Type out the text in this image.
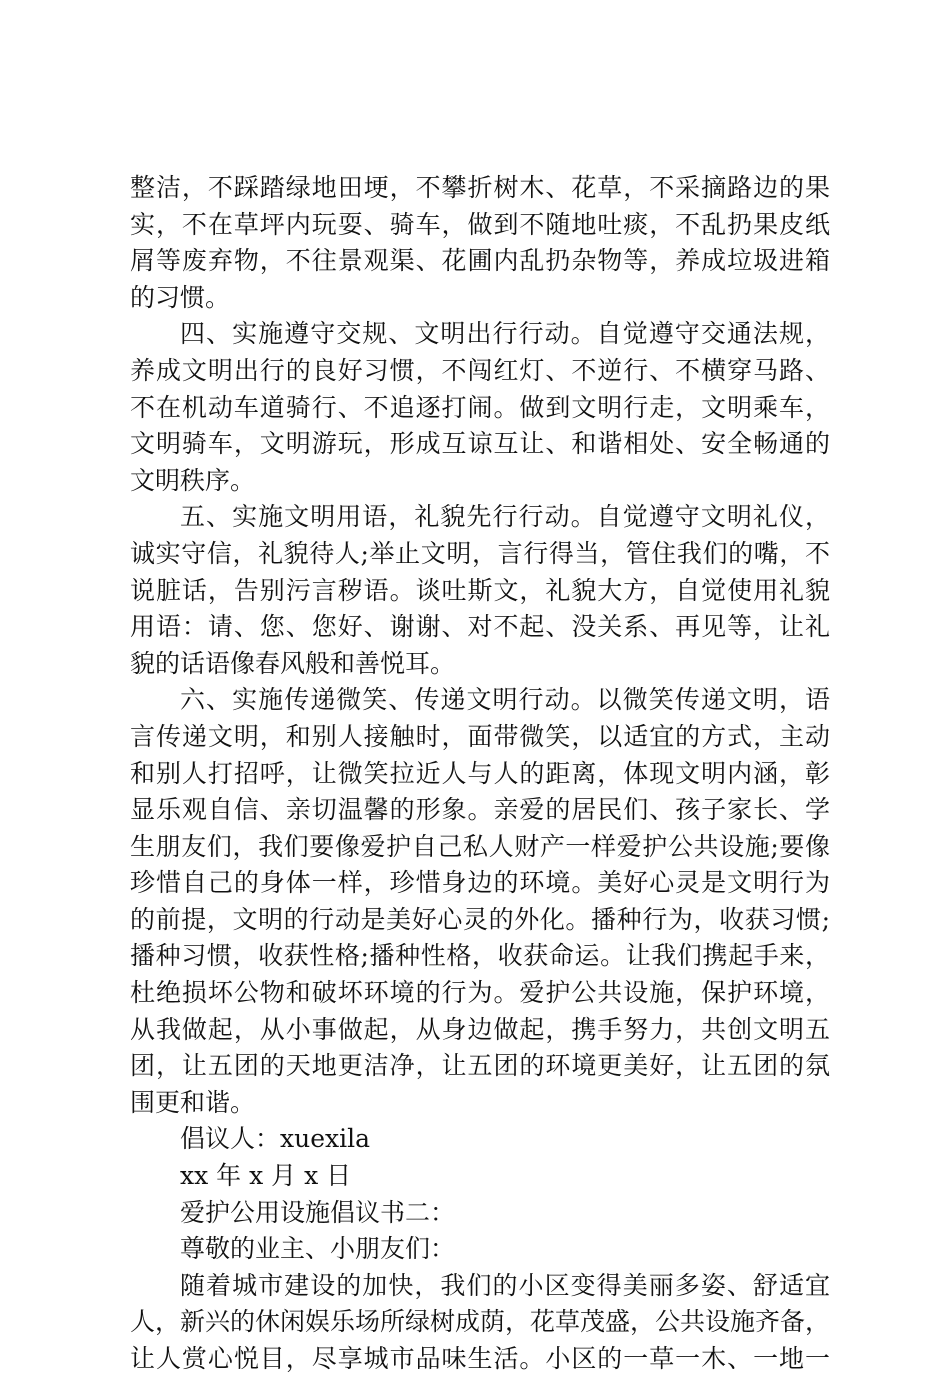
整洁，不踩踏绿地田埂，不攀折树木、花草，不采摘路边的果
实，不在草坪内玩耍、骑车，做到不随地吐痰，不乱扔果皮纸
屑等废弃物，不往景观渠、花圃内乱扔杂物等，养成垃圾进箱
的习惯。
四、实施遵守交规、文明出行行动。自觉遵守交通法规，
养成文明出行的良好习惯，不闯红灯、不逆行、不横穿马路、
不在机动车道骑行、不追逐打闹。做到文明行走，文明乘车，
文明骑车，文明游玩，形成互谅互让、和谐相处、安全畅通的
文明秩序。
五、实施文明用语，礼貌先行行动。自觉遵守文明礼仪，
诚实守信，礼貌待人;举止文明，言行得当，管住我们的嘴，不
说脏话，告别污言秽语。谈吐斯文，礼貌大方，自觉使用礼貌
用语：请、您、您好、谢谢、对不起、没关系、再见等，让礼
貌的话语像春风般和善悦耳。
六、实施传递微笑、传递文明行动。以微笑传递文明，语
言传递文明，和别人接触时，面带微笑，以适宜的方式，主动
和别人打招呼，让微笑拉近人与人的距离，体现文明内涵，彰
显乐观自信、亲切温馨的形象。亲爱的居民们、孩子家长、学
生朋友们，我们要像爱护自己私人财产一样爱护公共设施;要像
珍惜自己的身体一样，珍惜身边的环境。美好心灵是文明行为
的前提，文明的行动是美好心灵的外化。播种行为，收获习惯;
播种习惯，收获性格;播种性格，收获命运。让我们携起手来，
杜绝损坏公物和破坏环境的行为。爱护公共设施，保护环境，
从我做起，从小事做起，从身边做起，携手努力，共创文明五
团，让五团的天地更洁净，让五团的环境更美好，让五团的氛
围更和谐。
倡议人：xuexila
xx 年 x 月 x 日
爱护公用设施倡议书二：
尊敬的业主、小朋友们：
随着城市建设的加快，我们的小区变得美丽多姿、舒适宜
人，新兴的休闲娱乐场所绿树成荫，花草茂盛，公共设施齐备，
让人赏心悦目，尽享城市品味生活。小区的一草一木、一地一
